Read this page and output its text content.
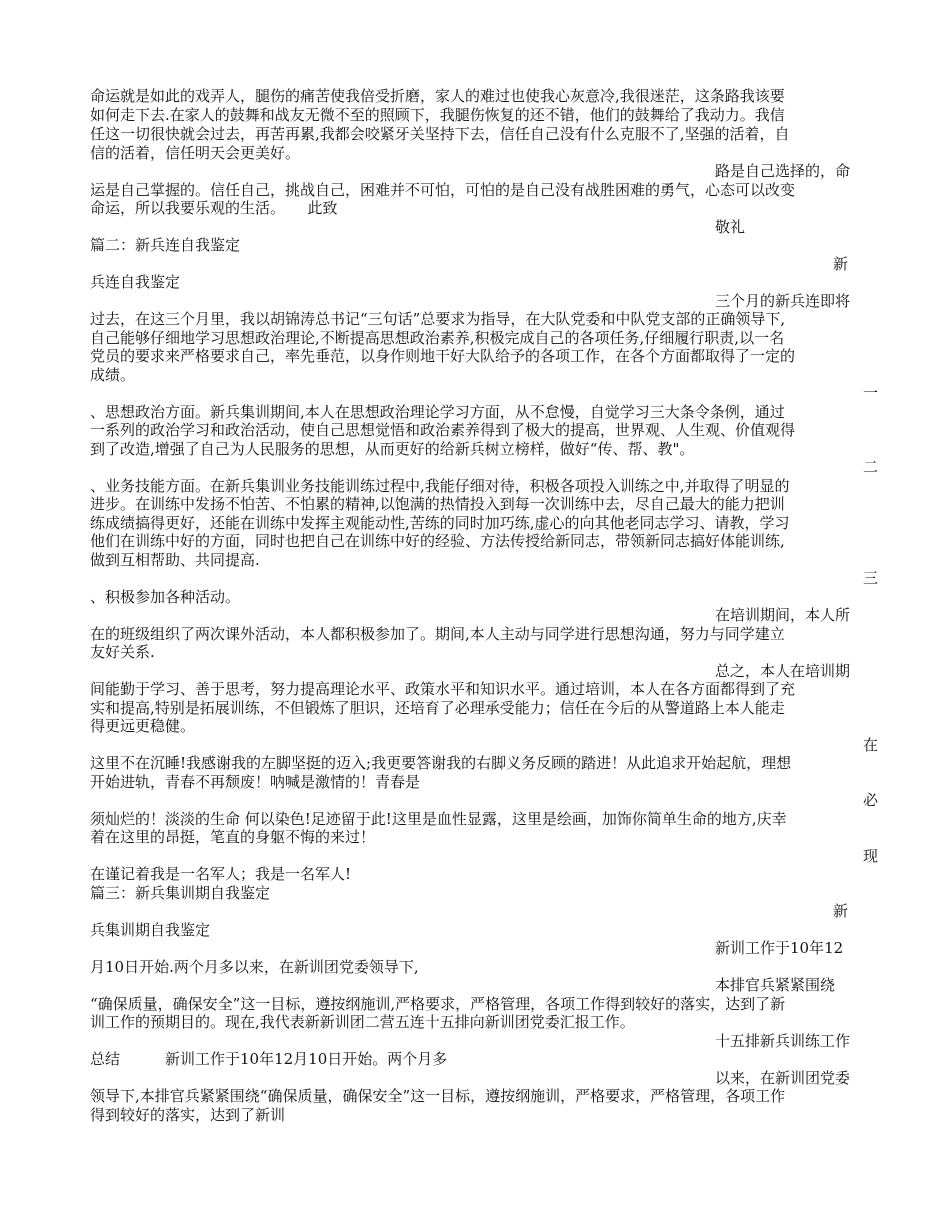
命运就是如此的戏弄人，腿伤的痛苦使我倍受折磨，家人的难过也使我心灰意冷,我很迷茫，这条路我该要
如何走下去.在家人的鼓舞和战友无微不至的照顾下，我腿伤恢复的还不错，他们的鼓舞给了我动力。我信
任这一切很快就会过去，再苦再累,我都会咬紧牙关坚持下去，信任自己没有什么克服不了,坚强的活着，自
信的活着，信任明天会更美好。
路是自己选择的，命
运是自己掌握的。信任自己，挑战自己，困难并不可怕，可怕的是自己没有战胜困难的勇气，心态可以改变
命运，所以我要乐观的生活。　　此致
敬礼
篇二：新兵连自我鉴定
新
兵连自我鉴定
三个月的新兵连即将
过去，在这三个月里，我以胡锦涛总书记“三句话”总要求为指导，在大队党委和中队党支部的正确领导下,
自己能够仔细地学习思想政治理论,不断提高思想政治素养,积极完成自己的各项任务,仔细履行职责,以一名
党员的要求来严格要求自己，率先垂范，以身作则地干好大队给予的各项工作，在各个方面都取得了一定的
成绩。
一
、思想政治方面。新兵集训期间,本人在思想政治理论学习方面，从不怠慢，自觉学习三大条令条例，通过
一系列的政治学习和政治活动，使自己思想觉悟和政治素养得到了极大的提高，世界观、人生观、价值观得
到了改造,增强了自己为人民服务的思想，从而更好的给新兵树立榜样，做好“传、帮、教"。
二
、业务技能方面。在新兵集训业务技能训练过程中,我能仔细对待，积极各项投入训练之中,并取得了明显的
进步。在训练中发扬不怕苦、不怕累的精神,以饱满的热情投入到每一次训练中去，尽自己最大的能力把训
练成绩搞得更好，还能在训练中发挥主观能动性,苦练的同时加巧练,虚心的向其他老同志学习、请教，学习
他们在训练中好的方面，同时也把自己在训练中好的经验、方法传授给新同志，带领新同志搞好体能训练,
做到互相帮助、共同提高.
三
、积极参加各种活动。
在培训期间，本人所
在的班级组织了两次课外活动，本人都积极参加了。期间,本人主动与同学进行思想沟通，努力与同学建立
友好关系.
总之，本人在培训期
间能勤于学习、善于思考，努力提高理论水平、政策水平和知识水平。通过培训，本人在各方面都得到了充
实和提高,特别是拓展训练，不但锻炼了胆识，还培育了必理承受能力；信任在今后的从警道路上本人能走
得更远更稳健。
在
这里不在沉睡!我感谢我的左脚坚挺的迈入;我更要答谢我的右脚义务反顾的踏进！从此追求开始起航，理想
开始进轨，青春不再颓废！呐喊是激情的！青春是
必
须灿烂的！淡淡的生命 何以染色!足迹留于此!这里是血性显露，这里是绘画，加饰你简单生命的地方,庆幸
着在这里的昂挺，笔直的身躯不悔的来过！
现
在谨记着我是一名军人；我是一名军人!
篇三：新兵集训期自我鉴定
新
兵集训期自我鉴定
新训工作于10年12
月10日开始.两个月多以来，在新训团党委领导下,
本排官兵紧紧围绕
“确保质量，确保安全”这一目标，遵按纲施训,严格要求，严格管理，各项工作得到较好的落实，达到了新
训工作的预期目的。现在,我代表新新训团二营五连十五排向新训团党委汇报工作。
十五排新兵训练工作
总结　　　新训工作于10年12月10日开始。两个月多
以来，在新训团党委
领导下,本排官兵紧紧围绕“确保质量，确保安全”这一目标，遵按纲施训，严格要求，严格管理，各项工作
得到较好的落实，达到了新训
